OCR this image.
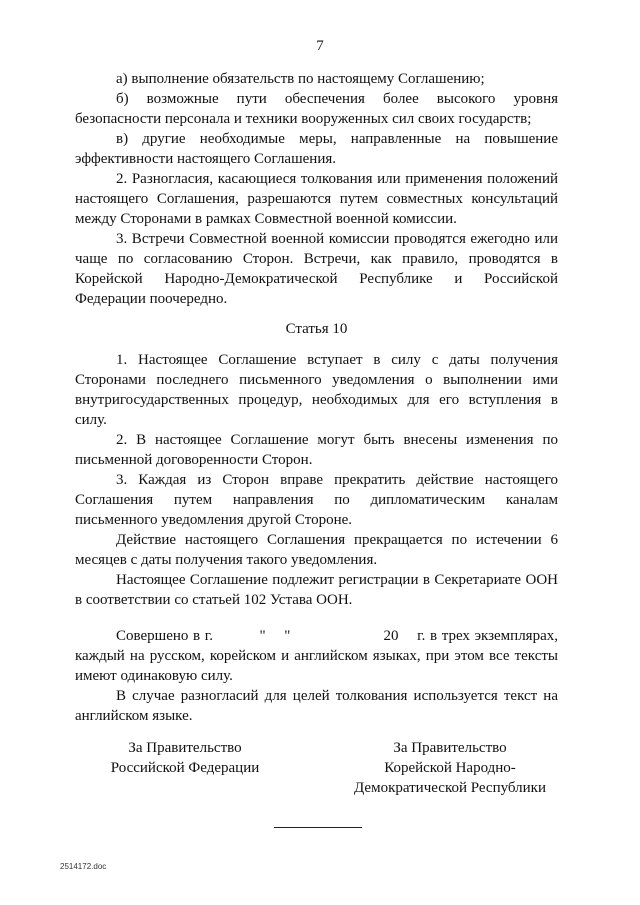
7

а) выполнение обязательств по настоящему Соглашению;

б) возможные пути обеспечения более высокого уровня безопасности персонала и техники вооруженных сил своих государств;

в) другие необходимые меры, направленные на повышение эффективности настоящего Соглашения.

2. Разногласия, касающиеся толкования или применения положений настоящего Соглашения, разрешаются путем совместных консультаций между Сторонами в рамках Совместной военной комиссии.

3. Встречи Совместной военной комиссии проводятся ежегодно или чаще по согласованию Сторон. Встречи, как правило, проводятся в Корейской Народно-Демократической Республике и Российской Федерации поочередно.

Статья 10

1. Настоящее Соглашение вступает в силу с даты получения Сторонами последнего письменного уведомления о выполнении ими внутригосударственных процедур, необходимых для его вступления в силу.

2. В настоящее Соглашение могут быть внесены изменения по письменной договоренности Сторон.

3. Каждая из Сторон вправе прекратить действие настоящего Соглашения путем направления по дипломатическим каналам письменного уведомления другой Стороне.

Действие настоящего Соглашения прекращается по истечении 6 месяцев с даты получения такого уведомления.

Настоящее Соглашение подлежит регистрации в Секретариате ООН в соответствии со статьей 102 Устава ООН.

Совершено в г.          "    "                    20    г. в трех экземплярах, каждый на русском, корейском и английском языках, при этом все тексты имеют одинаковую силу.

В случае разногласий для целей толкования используется текст на английском языке.

За Правительство
Российской Федерации
За Правительство
Корейской Народно-
Демократической Республики
2514172.doc
